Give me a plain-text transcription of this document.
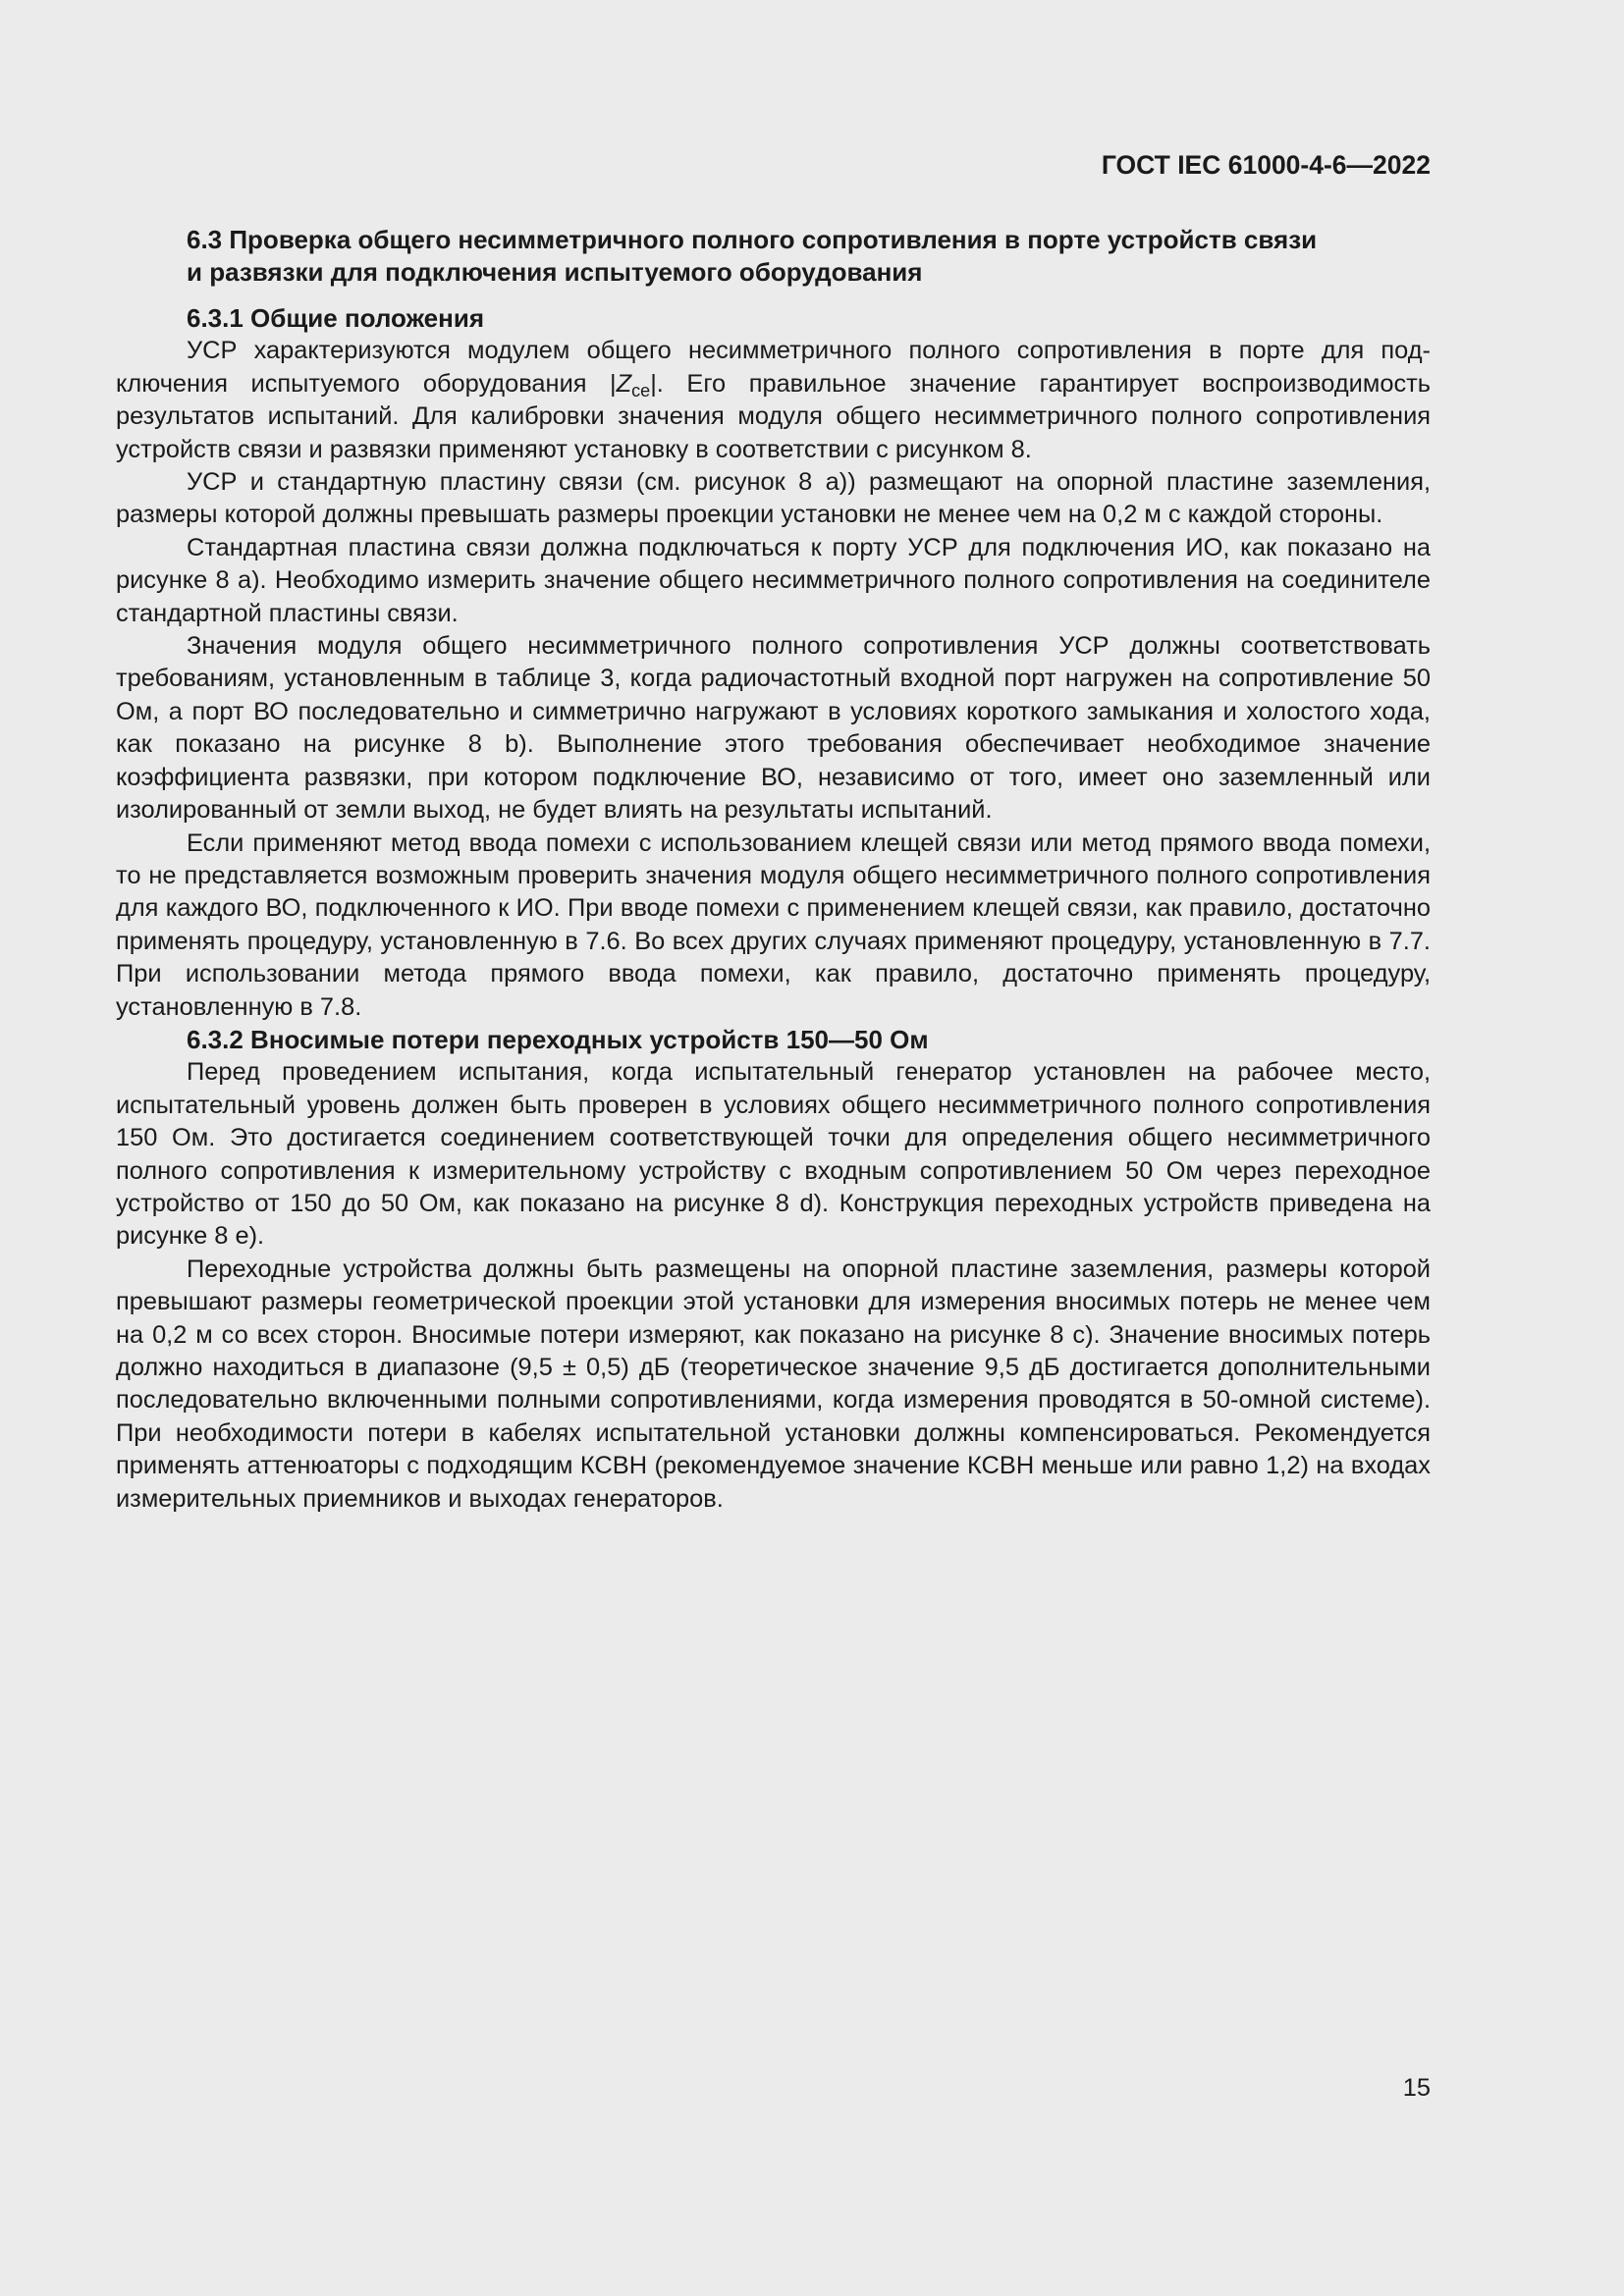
ГОСТ IEC 61000-4-6—2022
6.3 Проверка общего несимметричного полного сопротивления в порте устройств связи
и развязки для подключения испытуемого оборудования
6.3.1 Общие положения

УСР характеризуются модулем общего несимметричного полного сопротивления в порте для подключения испытуемого оборудования $|Z_{ce}|$. Его правильное значение гарантирует воспроизводимость результатов испытаний. Для калибровки значения модуля общего несимметричного полного сопротивления устройств связи и развязки применяют установку в соответствии с рисунком 8.

УСР и стандартную пластину связи (см. рисунок 8 а)) размещают на опорной пластине заземления, размеры которой должны превышать размеры проекции установки не менее чем на 0,2 м с каждой стороны.

Стандартная пластина связи должна подключаться к порту УСР для подключения ИО, как показано на рисунке 8 а). Необходимо измерить значение общего несимметричного полного сопротивления на соединителе стандартной пластины связи.

Значения модуля общего несимметричного полного сопротивления УСР должны соответствовать требованиям, установленным в таблице 3, когда радиочастотный входной порт нагружен на сопротивление 50 Ом, а порт ВО последовательно и симметрично нагружают в условиях короткого замыкания и холостого хода, как показано на рисунке 8 b). Выполнение этого требования обеспечивает необходимое значение коэффициента развязки, при котором подключение ВО, независимо от того, имеет оно заземленный или изолированный от земли выход, не будет влиять на результаты испытаний.

Если применяют метод ввода помехи с использованием клещей связи или метод прямого ввода помехи, то не представляется возможным проверить значения модуля общего несимметричного полного сопротивления для каждого ВО, подключенного к ИО. При вводе помехи с применением клещей связи, как правило, достаточно применять процедуру, установленную в 7.6. Во всех других случаях применяют процедуру, установленную в 7.7. При использовании метода прямого ввода помехи, как правило, достаточно применять процедуру, установленную в 7.8.

6.3.2 Вносимые потери переходных устройств 150—50 Ом

Перед проведением испытания, когда испытательный генератор установлен на рабочее место, испытательный уровень должен быть проверен в условиях общего несимметричного полного сопротивления 150 Ом. Это достигается соединением соответствующей точки для определения общего несимметричного полного сопротивления к измерительному устройству с входным сопротивлением 50 Ом через переходное устройство от 150 до 50 Ом, как показано на рисунке 8 d). Конструкция переходных устройств приведена на рисунке 8 е).

Переходные устройства должны быть размещены на опорной пластине заземления, размеры которой превышают размеры геометрической проекции этой установки для измерения вносимых потерь не менее чем на 0,2 м со всех сторон. Вносимые потери измеряют, как показано на рисунке 8 с). Значение вносимых потерь должно находиться в диапазоне (9,5 ± 0,5) дБ (теоретическое значение 9,5 дБ достигается дополнительными последовательно включенными полными сопротивлениями, когда измерения проводятся в 50-омной системе). При необходимости потери в кабелях испытательной установки должны компенсироваться. Рекомендуется применять аттенюаторы с подходящим КСВН (рекомендуемое значение КСВН меньше или равно 1,2) на входах измерительных приемников и выходах генераторов.

15
